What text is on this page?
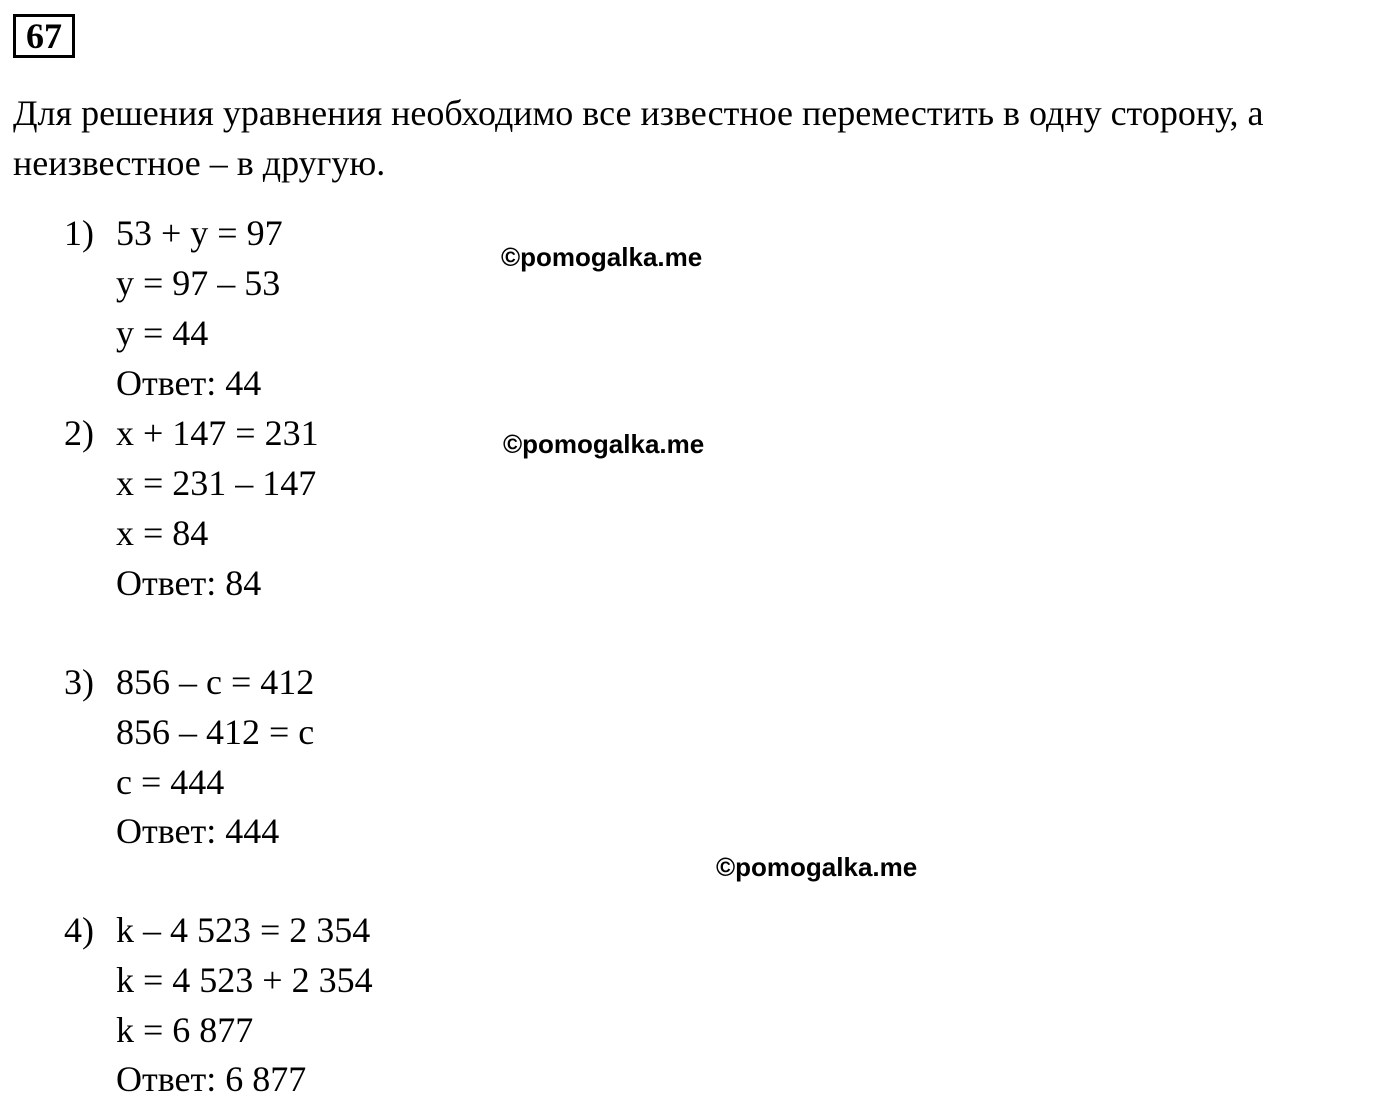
67
Для решения уравнения необходимо все известное переместить в одну сторону, а неизвестное – в другую.
1) 53 + y = 97
y = 97 – 53
y = 44
Ответ: 44
2) x + 147 = 231
x = 231 – 147
x = 84
Ответ: 84
3) 856 – c = 412
856 – 412 = c
c = 444
Ответ: 444
4) k – 4 523 = 2 354
k = 4 523 + 2 354
k = 6 877
Ответ: 6 877
©pomogalka.me
©pomogalka.me
©pomogalka.me
